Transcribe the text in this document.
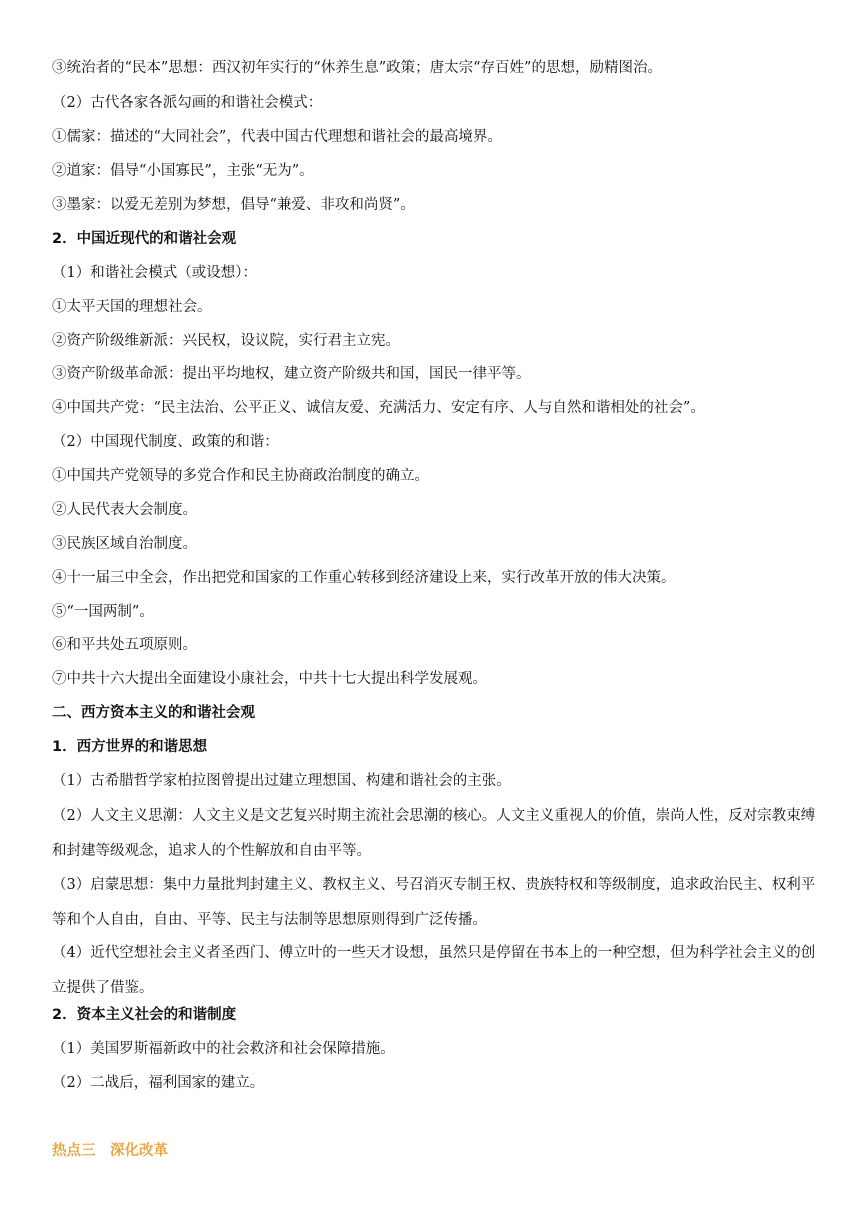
③统治者的“民本”思想：西汉初年实行的“休养生息”政策；唐太宗“存百姓”的思想，励精图治。
（2）古代各家各派勾画的和谐社会模式：
①儒家：描述的“大同社会”，代表中国古代理想和谐社会的最高境界。
②道家：倡导“小国寡民”，主张“无为”。
③墨家：以爱无差别为梦想，倡导“兼爱、非攻和尚贤”。
2．中国近现代的和谐社会观
（1）和谐社会模式（或设想）：
①太平天国的理想社会。
②资产阶级维新派：兴民权，设议院，实行君主立宪。
③资产阶级革命派：提出平均地权，建立资产阶级共和国，国民一律平等。
④中国共产党：“民主法治、公平正义、诚信友爱、充满活力、安定有序、人与自然和谐相处的社会”。
（2）中国现代制度、政策的和谐：
①中国共产党领导的多党合作和民主协商政治制度的确立。
②人民代表大会制度。
③民族区域自治制度。
④十一届三中全会，作出把党和国家的工作重心转移到经济建设上来，实行改革开放的伟大决策。
⑤“一国两制”。
⑥和平共处五项原则。
⑦中共十六大提出全面建设小康社会，中共十七大提出科学发展观。
二、西方资本主义的和谐社会观
1．西方世界的和谐思想
（1）古希腊哲学家柏拉图曾提出过建立理想国、构建和谐社会的主张。
（2）人文主义思潮：人文主义是文艺复兴时期主流社会思潮的核心。人文主义重视人的价值，崇尚人性，反对宗教束缚和封建等级观念，追求人的个性解放和自由平等。
（3）启蒙思想：集中力量批判封建主义、教权主义、号召消灭专制王权、贵族特权和等级制度，追求政治民主、权利平等和个人自由，自由、平等、民主与法制等思想原则得到广泛传播。
（4）近代空想社会主义者圣西门、傅立叶的一些天才设想，虽然只是停留在书本上的一种空想，但为科学社会主义的创立提供了借鉴。
2．资本主义社会的和谐制度
（1）美国罗斯福新政中的社会救济和社会保障措施。
（2）二战后，福利国家的建立。
热点三　深化改革
